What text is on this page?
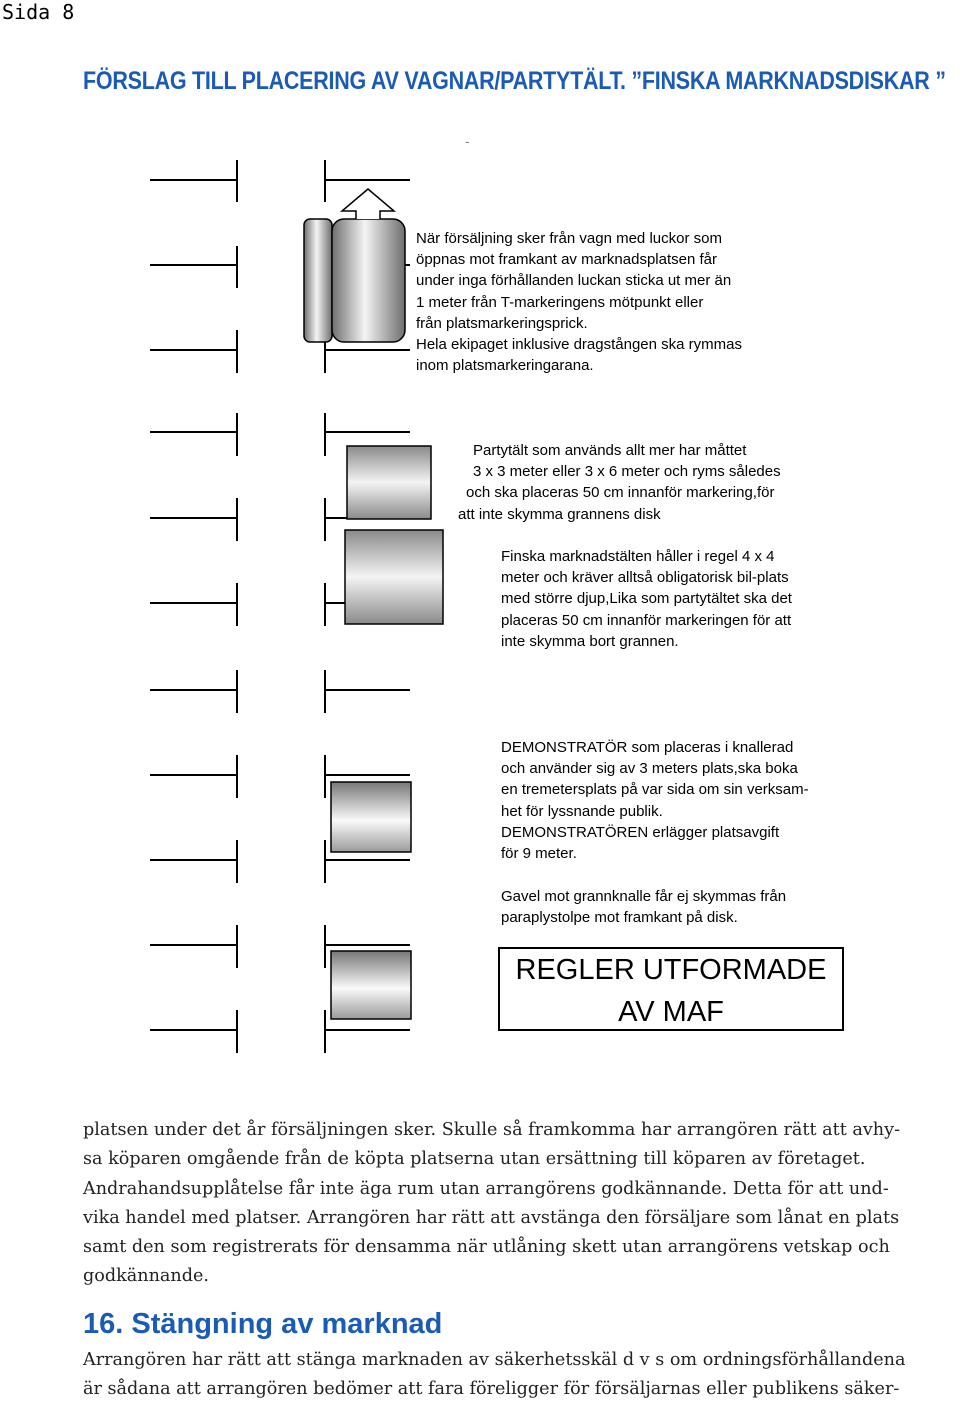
Sida 8
FÖRSLAG TILL PLACERING AV VAGNAR/PARTYTÄLT. ”FINSKA MARKNADSDISKAR ”
-
När försäljning sker från vagn med luckor som
öppnas mot framkant av marknadsplatsen får
under inga förhållanden luckan sticka ut mer än
1 meter från T-markeringens mötpunkt eller
från platsmarkeringsprick.
Hela ekipaget inklusive dragstången ska rymmas
inom platsmarkeringarana.
Partytält som används allt mer har måttet
3 x 3 meter eller 3 x 6 meter och ryms således
och ska placeras 50 cm innanför markering,för
att inte skymma grannens disk
Finska marknadstälten håller i regel 4 x 4
meter och kräver alltså obligatorisk bil-plats
med större djup,Lika som partytältet ska det
placeras 50 cm innanför markeringen för att
inte skymma bort grannen.
DEMONSTRATÖR som placeras i knallerad
och använder sig av 3 meters plats,ska boka
en tremetersplats på var sida om sin verksam-
het för lyssnande publik.
DEMONSTRATÖREN erlägger platsavgift
för 9 meter.
Gavel mot grannknalle får ej skymmas från
paraplystolpe mot framkant på disk.
REGLER UTFORMADE
AV MAF
platsen under det år försäljningen sker. Skulle så framkomma har arrangören rätt att avhy-
sa köparen omgående från de köpta platserna utan ersättning till köparen av företaget.
Andrahandsupplåtelse får inte äga rum utan arrangörens godkännande. Detta för att und-
vika handel med platser. Arrangören har rätt att avstänga den försäljare som lånat en plats
samt den som registrerats för densamma när utlåning skett utan arrangörens vetskap och
godkännande.
16. Stängning av marknad
Arrangören har rätt att stänga marknaden av säkerhetsskäl d v s om ordningsförhållandena
är sådana att arrangören bedömer att fara föreligger för försäljarnas eller publikens säker-
